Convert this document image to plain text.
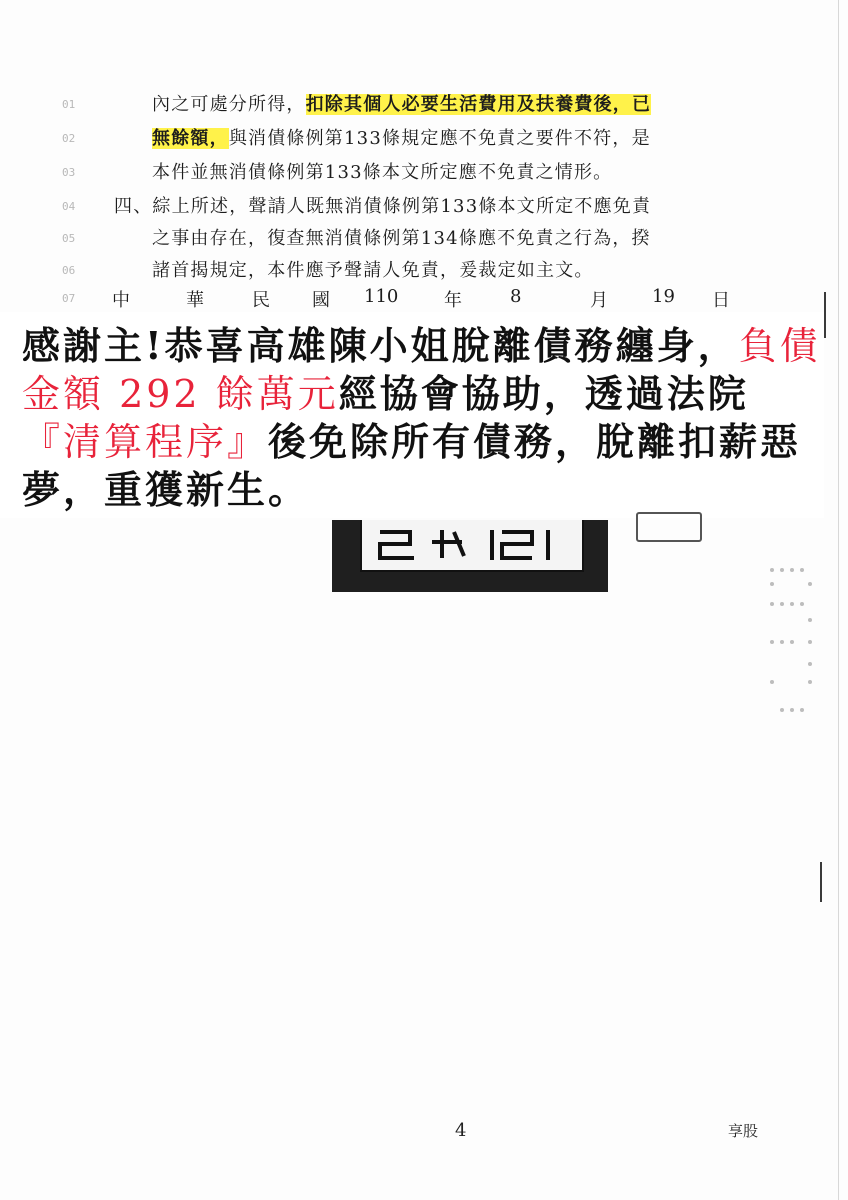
01	內之可處分所得，扣除其個人必要生活費用及扶養費後，已
02	無餘額，與消債條例第133條規定應不免責之要件不符，是
03	本件並無消債條例第133條本文所定應不免責之情形。
04 四、綜上所述，聲請人既無消債條例第133條本文所定不應免責
05	之事由存在，復查無消債條例第134條應不免責之行為，揆
06	諸首揭規定，本件應予聲請人免責，爰裁定如主文。
07 中	華	民 國 110	年	8	月 19 日
感謝主!恭喜高雄陳小姐脫離債務纏身，負債金額 292 餘萬元經協會協助，透過法院『清算程序』後免除所有債務，脫離扣薪惡夢，重獲新生。
4	享股
